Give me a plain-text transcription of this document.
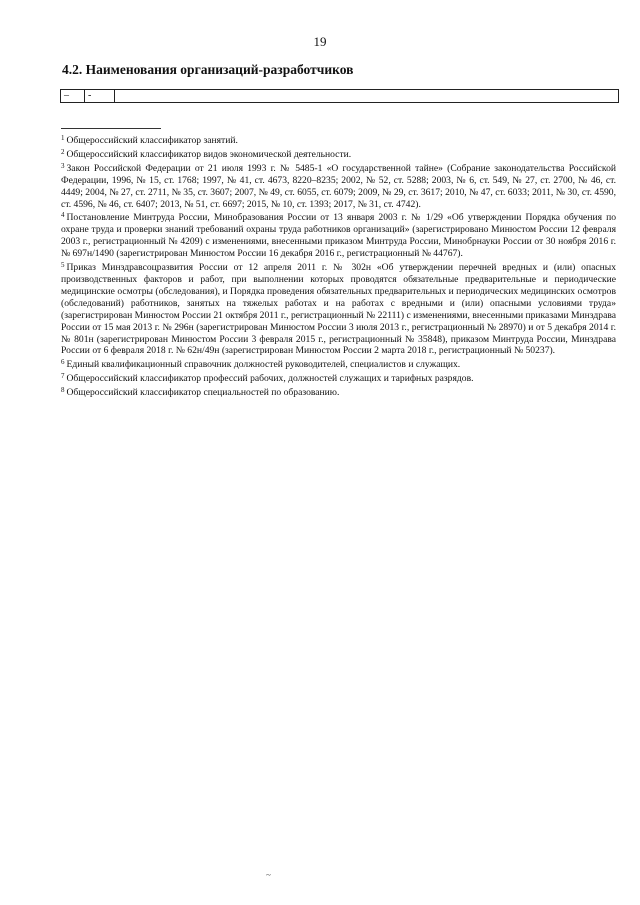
19
4.2. Наименования организаций-разработчиков
–	-

$^1$ Общероссийский классификатор занятий.

$^2$ Общероссийский классификатор видов экономической деятельности.

$^3$ Закон Российской Федерации от 21 июля 1993 г. № 5485-1 «О государственной тайне» (Собрание законодательства Российской Федерации, 1996, № 15, ст. 1768; 1997, № 41, ст. 4673, 8220–8235; 2002, № 52, ст. 5288; 2003, № 6, ст. 549, № 27, ст. 2700, № 46, ст. 4449; 2004, № 27, ст. 2711, № 35, ст. 3607; 2007, № 49, ст. 6055, ст. 6079; 2009, № 29, ст. 3617; 2010, № 47, ст. 6033; 2011, № 30, ст. 4590, ст. 4596, № 46, ст. 6407; 2013, № 51, ст. 6697; 2015, № 10, ст. 1393; 2017, № 31, ст. 4742).

$^4$ Постановление Минтруда России, Минобразования России от 13 января 2003 г. № 1/29 «Об утверждении Порядка обучения по охране труда и проверки знаний требований охраны труда работников организаций» (зарегистрировано Минюстом России 12 февраля 2003 г., регистрационный № 4209) с изменениями, внесенными приказом Минтруда России, Минобрнауки России от 30 ноября 2016 г. № 697н/1490 (зарегистрирован Минюстом России 16 декабря 2016 г., регистрационный № 44767).

$^5$ Приказ Минздравсоцразвития России от 12 апреля 2011 г. № 302н «Об утверждении перечней вредных и (или) опасных производственных факторов и работ, при выполнении которых проводятся обязательные предварительные и периодические медицинские осмотры (обследования), и Порядка проведения обязательных предварительных и периодических медицинских осмотров (обследований) работников, занятых на тяжелых работах и на работах с вредными и (или) опасными условиями труда» (зарегистрирован Минюстом России 21 октября 2011 г., регистрационный № 22111) с изменениями, внесенными приказами Минздрава России от 15 мая 2013 г. № 296н (зарегистрирован Минюстом России 3 июля 2013 г., регистрационный № 28970) и от 5 декабря 2014 г. № 801н (зарегистрирован Минюстом России 3 февраля 2015 г., регистрационный № 35848), приказом Минтруда России, Минздрава России от 6 февраля 2018 г. № 62н/49н (зарегистрирован Минюстом России 2 марта 2018 г., регистрационный № 50237).

$^6$ Единый квалификационный справочник должностей руководителей, специалистов и служащих.

$^7$ Общероссийский классификатор профессий рабочих, должностей служащих и тарифных разрядов.

$^8$ Общероссийский классификатор специальностей по образованию.

~
